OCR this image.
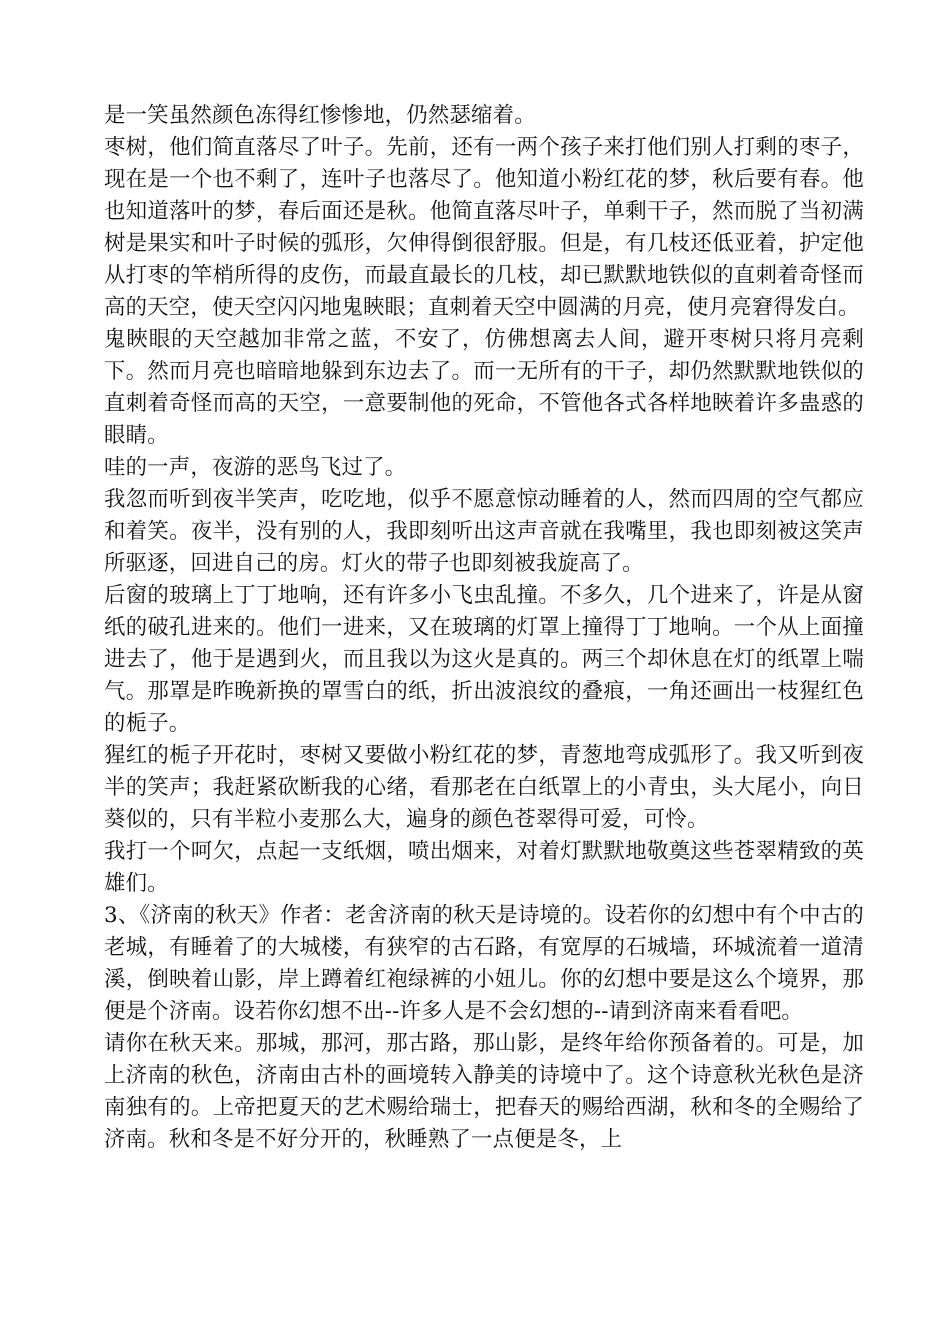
是一笑虽然颜色冻得红惨惨地，仍然瑟缩着。

枣树，他们简直落尽了叶子。先前，还有一两个孩子来打他们别人打剩的枣子，现在是一个也不剩了，连叶子也落尽了。他知道小粉红花的梦，秋后要有春。他也知道落叶的梦，春后面还是秋。他简直落尽叶子，单剩干子，然而脱了当初满树是果实和叶子时候的弧形，欠伸得倒很舒服。但是，有几枝还低亚着，护定他从打枣的竿梢所得的皮伤，而最直最长的几枝，却已默默地铁似的直刺着奇怪而高的天空，使天空闪闪地鬼䀹眼；直刺着天空中圆满的月亮，使月亮窘得发白。

鬼䀹眼的天空越加非常之蓝，不安了，仿佛想离去人间，避开枣树只将月亮剩下。然而月亮也暗暗地躲到东边去了。而一无所有的干子，却仍然默默地铁似的直刺着奇怪而高的天空，一意要制他的死命，不管他各式各样地䀹着许多蛊惑的眼睛。

哇的一声，夜游的恶鸟飞过了。

我忽而听到夜半笑声，吃吃地，似乎不愿意惊动睡着的人，然而四周的空气都应和着笑。夜半，没有别的人，我即刻听出这声音就在我嘴里，我也即刻被这笑声所驱逐，回进自己的房。灯火的带子也即刻被我旋高了。

后窗的玻璃上丁丁地响，还有许多小飞虫乱撞。不多久，几个进来了，许是从窗纸的破孔进来的。他们一进来，又在玻璃的灯罩上撞得丁丁地响。一个从上面撞进去了，他于是遇到火，而且我以为这火是真的。两三个却休息在灯的纸罩上喘气。那罩是昨晚新换的罩雪白的纸，折出波浪纹的叠痕，一角还画出一枝猩红色的栀子。

猩红的栀子开花时，枣树又要做小粉红花的梦，青葱地弯成弧形了。我又听到夜半的笑声；我赶紧砍断我的心绪，看那老在白纸罩上的小青虫，头大尾小，向日葵似的，只有半粒小麦那么大，遍身的颜色苍翠得可爱，可怜。

我打一个呵欠，点起一支纸烟，喷出烟来，对着灯默默地敬奠这些苍翠精致的英雄们。

3、《济南的秋天》作者：老舍济南的秋天是诗境的。设若你的幻想中有个中古的老城，有睡着了的大城楼，有狭窄的古石路，有宽厚的石城墙，环城流着一道清溪，倒映着山影，岸上蹲着红袍绿裤的小妞儿。你的幻想中要是这么个境界，那便是个济南。设若你幻想不出--许多人是不会幻想的--请到济南来看看吧。

请你在秋天来。那城，那河，那古路，那山影，是终年给你预备着的。可是，加上济南的秋色，济南由古朴的画境转入静美的诗境中了。这个诗意秋光秋色是济南独有的。上帝把夏天的艺术赐给瑞士，把春天的赐给西湖，秋和冬的全赐给了济南。秋和冬是不好分开的，秋睡熟了一点便是冬，上
